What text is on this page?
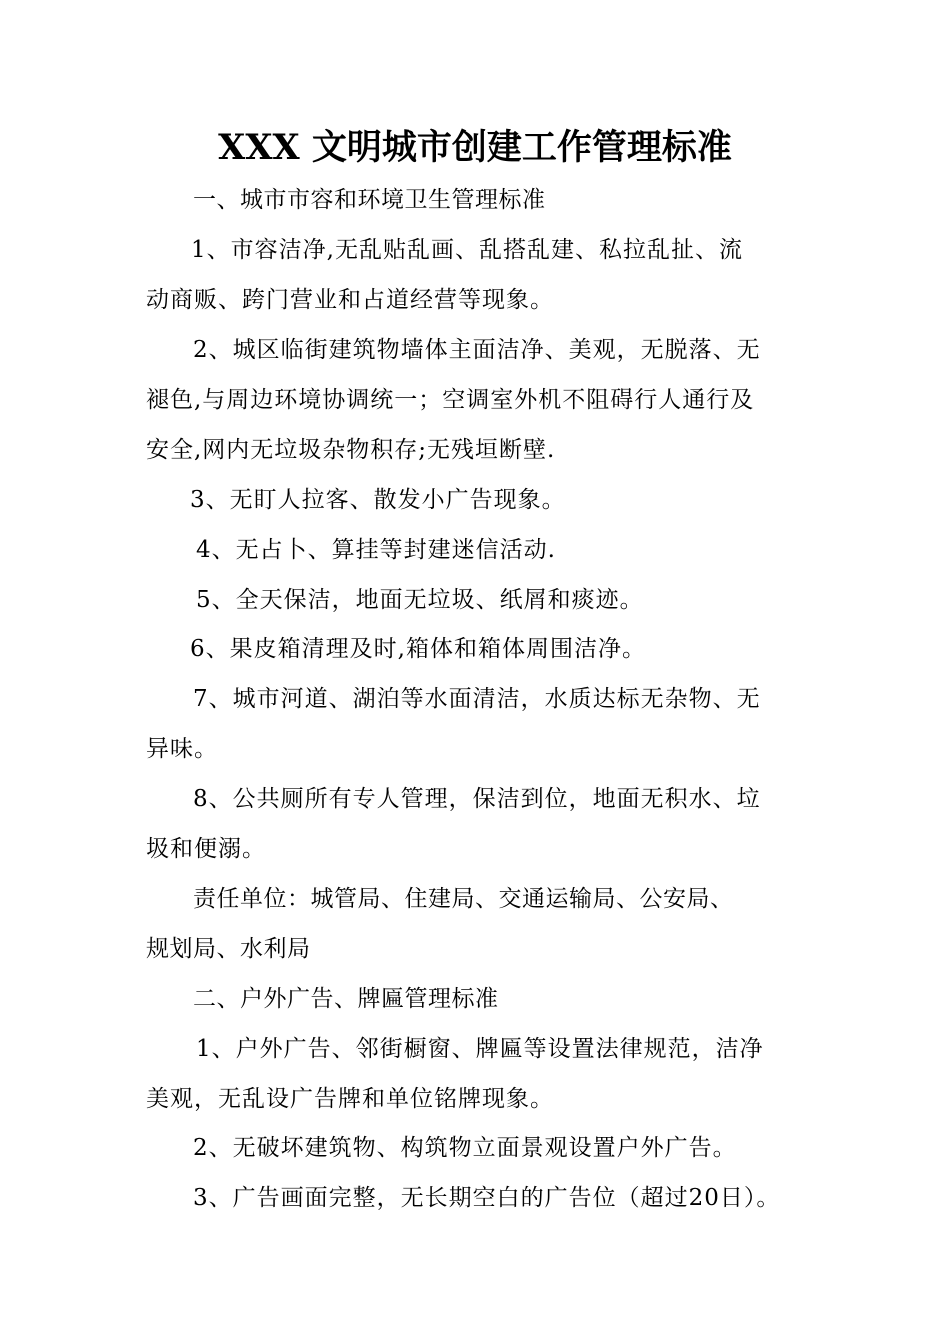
XXX 文明城市创建工作管理标准
一、城市市容和环境卫生管理标准
1、市容洁净,无乱贴乱画、乱搭乱建、私拉乱扯、流
动商贩、跨门营业和占道经营等现象。
2、城区临街建筑物墙体主面洁净、美观，无脱落、无
褪色,与周边环境协调统一；空调室外机不阻碍行人通行及
安全,网内无垃圾杂物积存;无残垣断壁.
3、无盯人拉客、散发小广告现象。
4、无占卜、算挂等封建迷信活动.
5、全天保洁，地面无垃圾、纸屑和痰迹。
6、果皮箱清理及时,箱体和箱体周围洁净。
7、城市河道、湖泊等水面清洁，水质达标无杂物、无
异味。
8、公共厕所有专人管理，保洁到位，地面无积水、垃
圾和便溺。
责任单位：城管局、住建局、交通运输局、公安局、
规划局、水利局
二、户外广告、牌匾管理标准
1、户外广告、邻街橱窗、牌匾等设置法律规范，洁净
美观，无乱设广告牌和单位铭牌现象。
2、无破坏建筑物、构筑物立面景观设置户外广告。
3、广告画面完整，无长期空白的广告位（超过20日）。
